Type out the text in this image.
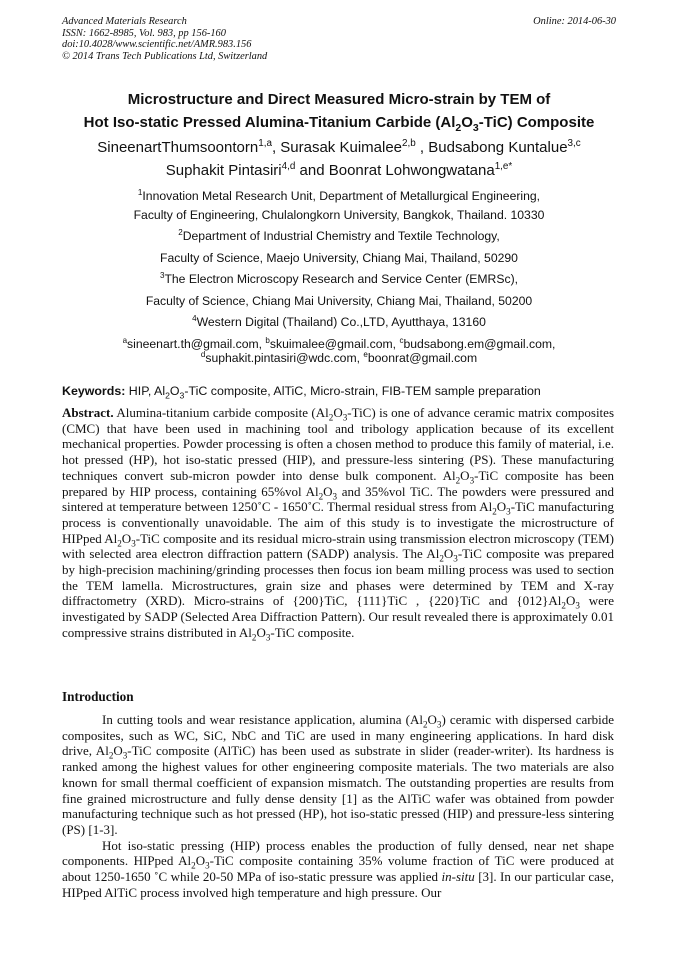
Advanced Materials Research
ISSN: 1662-8985, Vol. 983, pp 156-160
doi:10.4028/www.scientific.net/AMR.983.156
© 2014 Trans Tech Publications Ltd, Switzerland
Online: 2014-06-30
Microstructure and Direct Measured Micro-strain by TEM of
Hot Iso-static Pressed Alumina-Titanium Carbide $(Al_2O_3-TiC)$ Composite
SineenartThumsoontorn$^{1,a}$, Surasak Kuimalee$^{2,b}$ , Budsabong Kuntalue$^{3,c}$
Suphakit Pintasiri$^{4,d}$ and Boonrat Lohwongwatana$^{1,e*}$
$^1$Innovation Metal Research Unit, Department of Metallurgical Engineering,
Faculty of Engineering, Chulalongkorn University, Bangkok, Thailand. 10330
$^2$Department of Industrial Chemistry and Textile Technology,
Faculty of Science, Maejo University, Chiang Mai, Thailand, 50290
$^3$The Electron Microscopy Research and Service Center (EMRSc),
Faculty of Science, Chiang Mai University, Chiang Mai, Thailand, 50200
$^4$Western Digital (Thailand) Co.,LTD, Ayutthaya, 13160
$^a$sineenart.th@gmail.com, $^b$skuimalee@gmail.com, $^c$budsabong.em@gmail.com,
$^d$suphakit.pintasiri@wdc.com, $^e$boonrat@gmail.com
Keywords: HIP, $Al_2O_3$-TiC composite, AlTiC, Micro-strain, FIB-TEM sample preparation
Abstract. Alumina-titanium carbide composite $(Al_2O_3-TiC)$ is one of advance ceramic matrix composites (CMC) that have been used in machining tool and tribology application because of its excellent mechanical properties. Powder processing is often a chosen method to produce this family of material, i.e. hot pressed (HP), hot iso-static pressed (HIP), and pressure-less sintering (PS). These manufacturing techniques convert sub-micron powder into dense bulk component. $Al_2O_3$-TiC composite has been prepared by HIP process, containing 65%vol $Al_2O_3$ and 35%vol TiC. The powders were pressured and sintered at temperature between 1250˚C - 1650˚C. Thermal residual stress from $Al_2O_3$-TiC manufacturing process is conventionally unavoidable. The aim of this study is to investigate the microstructure of HIPped $Al_2O_3$-TiC composite and its residual micro-strain using transmission electron microscopy (TEM) with selected area electron diffraction pattern (SADP) analysis. The $Al_2O_3$-TiC composite was prepared by high-precision machining/grinding processes then focus ion beam milling process was used to section the TEM lamella. Microstructures, grain size and phases were determined by TEM and X-ray diffractometry (XRD). Micro-strains of {200}TiC, {111}TiC , {220}TiC and $\{012\}Al_2O_3$ were investigated by SADP (Selected Area Diffraction Pattern). Our result revealed there is approximately 0.01 compressive strains distributed in $Al_2O_3$-TiC composite.
Introduction

In cutting tools and wear resistance application, alumina $(Al_2O_3)$ ceramic with dispersed carbide composites, such as WC, SiC, NbC and TiC are used in many engineering applications. In hard disk drive, $Al_2O_3$-TiC composite (AlTiC) has been used as substrate in slider (reader-writer). Its hardness is ranked among the highest values for other engineering composite materials. The two materials are also known for small thermal coefficient of expansion mismatch. The outstanding properties are results from fine grained microstructure and fully dense density [1] as the AlTiC wafer was obtained from powder manufacturing technique such as hot pressed (HP), hot iso-static pressed (HIP) and pressure-less sintering (PS) [1-3].

Hot iso-static pressing (HIP) process enables the production of fully densed, near net shape components. HIPped $Al_2O_3$-TiC composite containing 35% volume fraction of TiC were produced at about 1250-1650 ˚C while 20-50 MPa of iso-static pressure was applied in-situ [3]. In our particular case, HIPped AlTiC process involved high temperature and high pressure. Our
